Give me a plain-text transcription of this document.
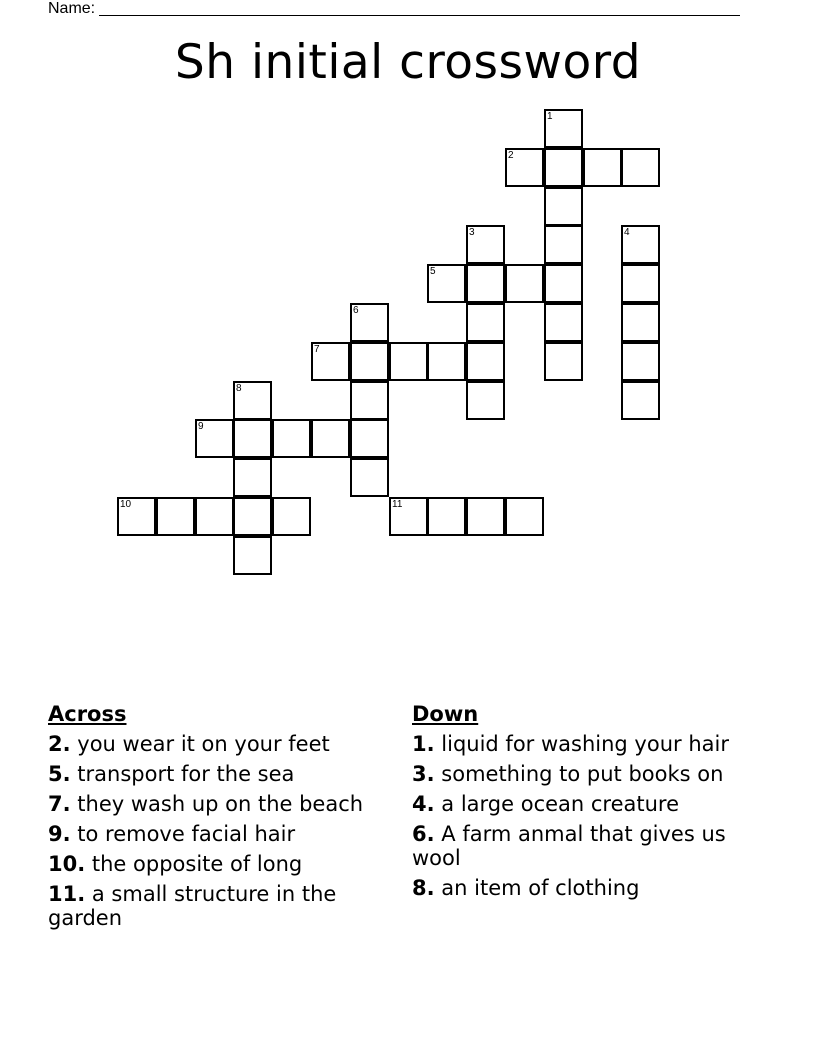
Name:
Sh initial crossword
1
2
3	4
5
6
7
8
9
10	11
Across
2. you wear it on your feet
5. transport for the sea
7. they wash up on the beach
9. to remove facial hair
10. the opposite of long
11. a small structure in the garden
Down
1. liquid for washing your hair
3. something to put books on
4. a large ocean creature
6. A farm anmal that gives us wool
8. an item of clothing
